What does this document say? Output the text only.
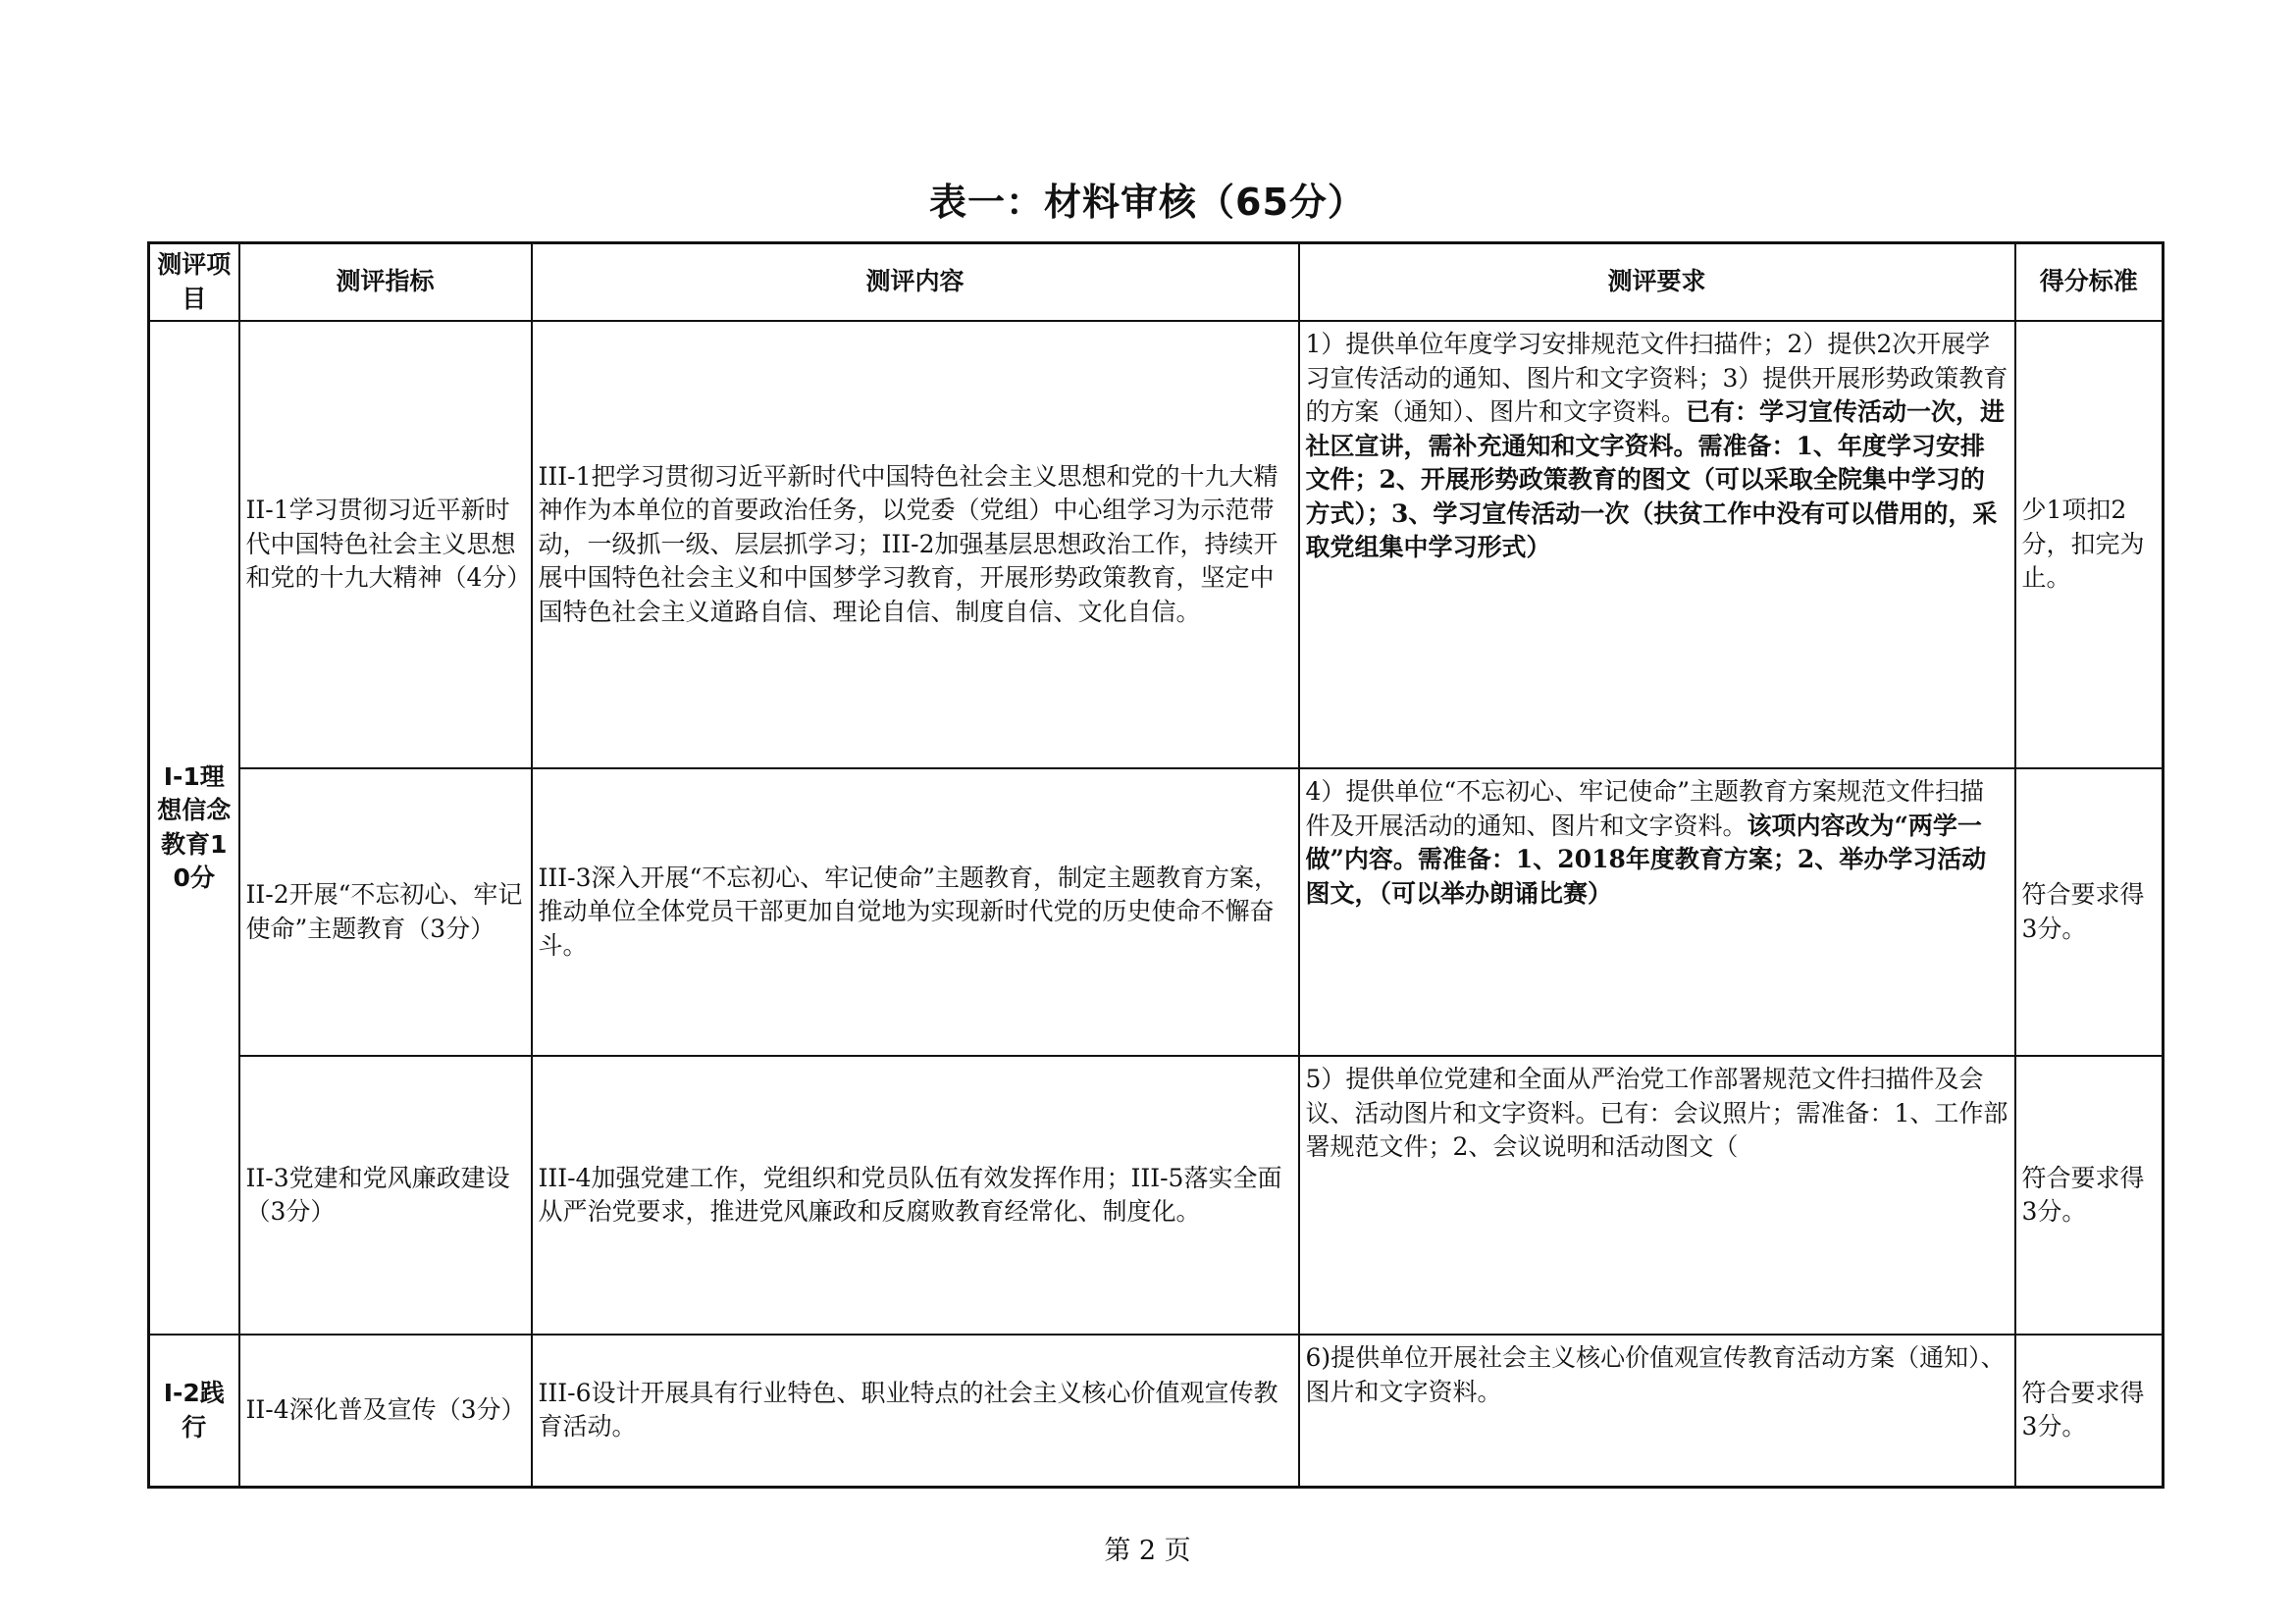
表一：材料审核（65分）
测评项目	测评指标	测评内容	测评要求	得分标准
I-1理想信念教育10分	II-1学习贯彻习近平新时代中国特色社会主义思想和党的十九大精神（4分）	III-1把学习贯彻习近平新时代中国特色社会主义思想和党的十九大精神作为本单位的首要政治任务，以党委（党组）中心组学习为示范带动，一级抓一级、层层抓学习；III-2加强基层思想政治工作，持续开展中国特色社会主义和中国梦学习教育，开展形势政策教育，坚定中国特色社会主义道路自信、理论自信、制度自信、文化自信。	1）提供单位年度学习安排规范文件扫描件；2）提供2次开展学习宣传活动的通知、图片和文字资料；3）提供开展形势政策教育的方案（通知）、图片和文字资料。已有：学习宣传活动一次，进社区宣讲，需补充通知和文字资料。需准备：1、年度学习安排文件；2、开展形势政策教育的图文（可以采取全院集中学习的方式）；3、学习宣传活动一次（扶贫工作中没有可以借用的，采取党组集中学习形式）	少1项扣2分，扣完为止。
	II-2开展“不忘初心、牢记使命”主题教育（3分）	III-3深入开展“不忘初心、牢记使命”主题教育，制定主题教育方案，推动单位全体党员干部更加自觉地为实现新时代党的历史使命不懈奋斗。	4）提供单位“不忘初心、牢记使命”主题教育方案规范文件扫描件及开展活动的通知、图片和文字资料。该项内容改为“两学一做”内容。需准备：1、2018年度教育方案；2、举办学习活动图文，（可以举办朗诵比赛）	符合要求得3分。
	II-3党建和党风廉政建设（3分）	III-4加强党建工作，党组织和党员队伍有效发挥作用；III-5落实全面从严治党要求，推进党风廉政和反腐败教育经常化、制度化。	5）提供单位党建和全面从严治党工作部署规范文件扫描件及会议、活动图片和文字资料。已有：会议照片；需准备：1、工作部署规范文件；2、会议说明和活动图文（	符合要求得3分。
I-2践行	II-4深化普及宣传（3分）	III-6设计开展具有行业特色、职业特点的社会主义核心价值观宣传教育活动。	6)提供单位开展社会主义核心价值观宣传教育活动方案（通知）、图片和文字资料。	符合要求得3分。
第 2 页
